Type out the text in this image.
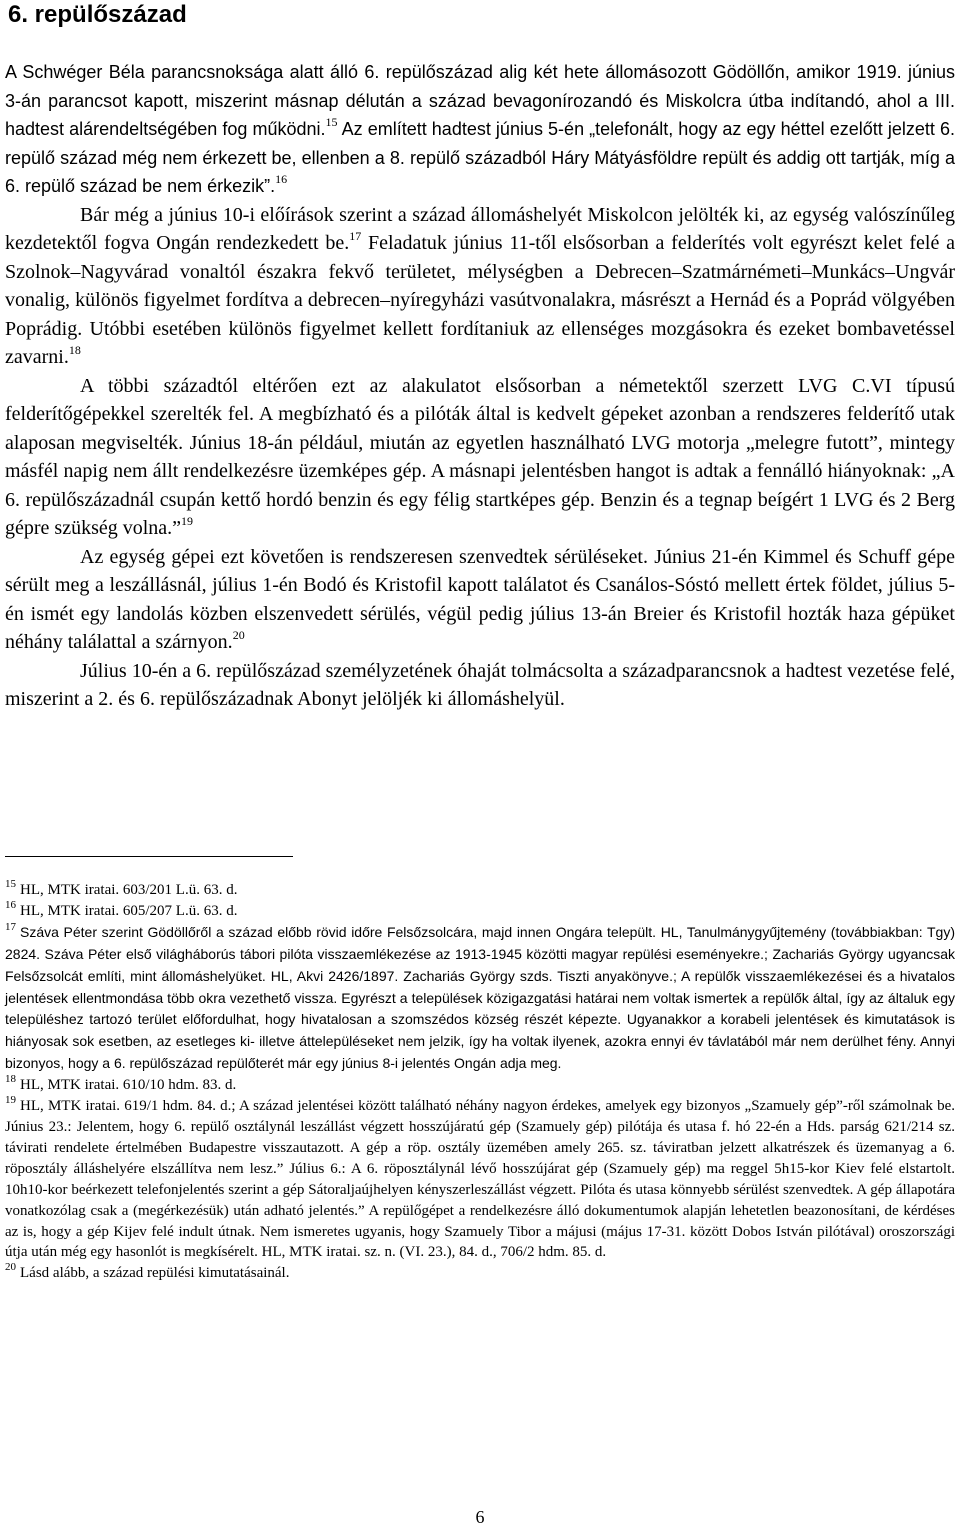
6. repülőszázad

A Schwéger Béla parancsnoksága alatt álló 6. repülőszázad alig két hete állomásozott Gödöllőn, amikor 1919. június 3-án parancsot kapott, miszerint másnap délután a század bevagonírozandó és Miskolcra útba indítandó, ahol a III. hadtest alárendeltségében fog működni.$^{15}$ Az említett hadtest június 5-én „telefonált, hogy az egy héttel ezelőtt jelzett 6. repülő század még nem érkezett be, ellenben a 8. repülő századból Háry Mátyásföldre repült és addig ott tartják, míg a 6. repülő század be nem érkezik”.$^{16}$

Bár még a június 10-i előírások szerint a század állomáshelyét Miskolcon jelölték ki, az egység valószínűleg kezdetektől fogva Ongán rendezkedett be.$^{17}$ Feladatuk június 11-től elsősorban a felderítés volt egyrészt kelet felé a Szolnok–Nagyvárad vonaltól északra fekvő területet, mélységben a Debrecen–Szatmárnémeti–Munkács–Ungvár vonalig, különös figyelmet fordítva a debrecen–nyíregyházi vasútvonalakra, másrészt a Hernád és a Poprád völgyében Poprádig. Utóbbi esetében különös figyelmet kellett fordítaniuk az ellenséges mozgásokra és ezeket bombavetéssel zavarni.$^{18}$

A többi századtól eltérően ezt az alakulatot elsősorban a németektől szerzett LVG C.VI típusú felderítőgépekkel szerelték fel. A megbízható és a pilóták által is kedvelt gépeket azonban a rendszeres felderítő utak alaposan megviselték. Június 18-án például, miután az egyetlen használható LVG motorja „melegre futott”, mintegy másfél napig nem állt rendelkezésre üzemképes gép. A másnapi jelentésben hangot is adtak a fennálló hiányoknak: „A 6. repülőszázadnál csupán kettő hordó benzin és egy félig startképes gép. Benzin és a tegnap beígért 1 LVG és 2 Berg gépre szükség volna.”$^{19}$

Az egység gépei ezt követően is rendszeresen szenvedtek sérüléseket. Június 21-én Kimmel és Schuff gépe sérült meg a leszállásnál, július 1-én Bodó és Kristofil kapott találatot és Csanálos-Sóstó mellett értek földet, július 5-én ismét egy landolás közben elszenvedett sérülés, végül pedig július 13-án Breier és Kristofil hozták haza gépüket néhány találattal a szárnyon.$^{20}$

Július 10-én a 6. repülőszázad személyzetének óhaját tolmácsolta a századparancsnok a hadtest vezetése felé, miszerint a 2. és 6. repülőszázadnak Abonyt jelöljék ki állomáshelyül.

$^{15}$ HL, MTK iratai. 603/201 L.ü. 63. d.

$^{16}$ HL, MTK iratai. 605/207 L.ü. 63. d.

$^{17}$ Száva Péter szerint Gödöllőről a század előbb rövid időre Felsőzsolcára, majd innen Ongára települt. HL, Tanulmánygyűjtemény (továbbiakban: Tgy) 2824. Száva Péter első világháborús tábori pilóta visszaemlékezése az 1913-1945 közötti magyar repülési eseményekre.; Zachariás György ugyancsak Felsőzsolcát említi, mint állomáshelyüket. HL, Akvi 2426/1897. Zachariás György szds. Tiszti anyakönyve.; A repülők visszaemlékezései és a hivatalos jelentések ellentmondása több okra vezethető vissza. Egyrészt a települések közigazgatási határai nem voltak ismertek a repülők által, így az általuk egy településhez tartozó terület előfordulhat, hogy hivatalosan a szomszédos község részét képezte. Ugyanakkor a korabeli jelentések és kimutatások is hiányosak sok esetben, az esetleges ki- illetve áttelepüléseket nem jelzik, így ha voltak ilyenek, azokra ennyi év távlatából már nem derülhet fény. Annyi bizonyos, hogy a 6. repülőszázad repülőterét már egy június 8-i jelentés Ongán adja meg.

$^{18}$ HL, MTK iratai. 610/10 hdm. 83. d.

$^{19}$ HL, MTK iratai. 619/1 hdm. 84. d.; A század jelentései között található néhány nagyon érdekes, amelyek egy bizonyos „Szamuely gép”-ről számolnak be. Június 23.: Jelentem, hogy 6. repülő osztálynál leszállást végzett hosszújáratú gép (Szamuely gép) pilótája és utasa f. hó 22-én a Hds. parság 621/214 sz. távirati rendelete értelmében Budapestre visszautazott. A gép a röp. osztály üzemében amely 265. sz. táviratban jelzett alkatrészek és üzemanyag a 6. röposztály álláshelyére elszállítva nem lesz.” Július 6.: A 6. röposztálynál lévő hosszújárat gép (Szamuely gép) ma reggel 5h15-kor Kiev felé elstartolt. 10h10-kor beérkezett telefonjelentés szerint a gép Sátoraljaújhelyen kényszerleszállást végzett. Pilóta és utasa könnyebb sérülést szenvedtek. A gép állapotára vonatkozólag csak a (megérkezésük) után adható jelentés.” A repülőgépet a rendelkezésre álló dokumentumok alapján lehetetlen beazonosítani, de kérdéses az is, hogy a gép Kijev felé indult útnak. Nem ismeretes ugyanis, hogy Szamuely Tibor a májusi (május 17-31. között Dobos István pilótával) oroszországi útja után még egy hasonlót is megkísérelt. HL, MTK iratai. sz. n. (VI. 23.), 84. d., 706/2 hdm. 85. d.

$^{20}$ Lásd alább, a század repülési kimutatásainál.

6
